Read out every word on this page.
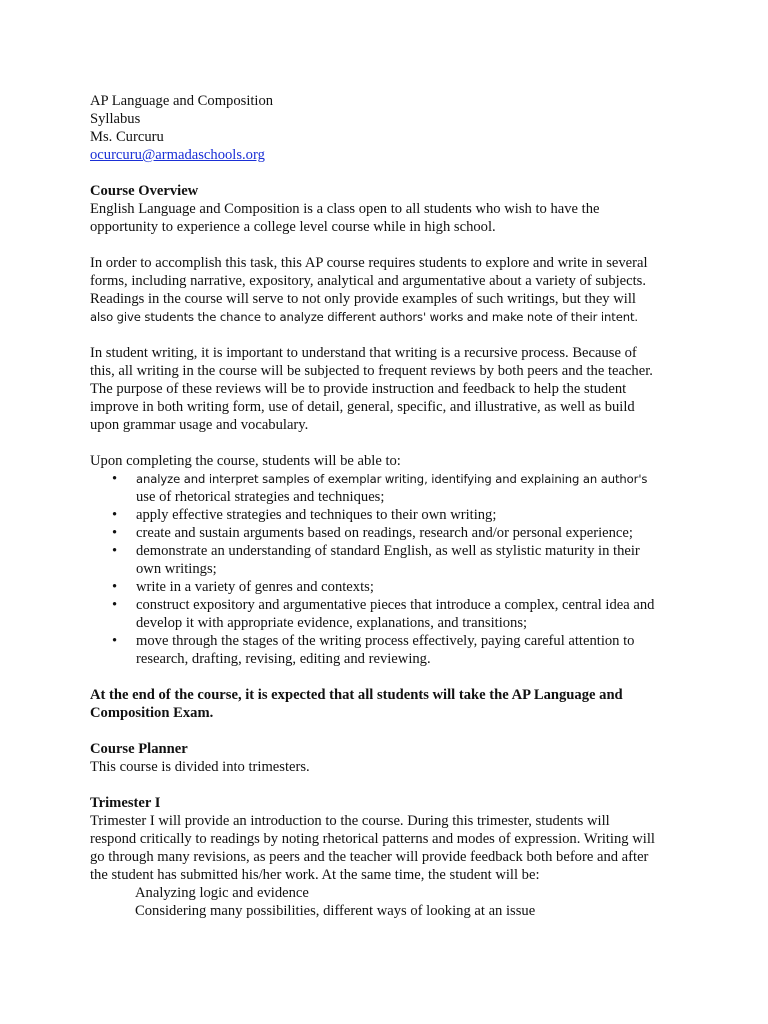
AP Language and Composition
Syllabus
Ms. Curcuru
ocurcuru@armadaschools.org
Course Overview
English Language and Composition is a class open to all students who wish to have the
opportunity to experience a college level course while in high school.
In order to accomplish this task, this AP course requires students to explore and write in several
forms, including narrative, expository, analytical and argumentative about a variety of subjects.
Readings in the course will serve to not only provide examples of such writings, but they will
also give students the chance to analyze different authors' works and make note of their intent.
In student writing, it is important to understand that writing is a recursive process. Because of
this, all writing in the course will be subjected to frequent reviews by both peers and the teacher.
The purpose of these reviews will be to provide instruction and feedback to help the student
improve in both writing form, use of detail, general, specific, and illustrative, as well as build
upon grammar usage and vocabulary.
Upon completing the course, students will be able to:
• analyze and interpret samples of exemplar writing, identifying and explaining an author's
use of rhetorical strategies and techniques;
• apply effective strategies and techniques to their own writing;
• create and sustain arguments based on readings, research and/or personal experience;
• demonstrate an understanding of standard English, as well as stylistic maturity in their
own writings;
• write in a variety of genres and contexts;
• construct expository and argumentative pieces that introduce a complex, central idea and
develop it with appropriate evidence, explanations, and transitions;
• move through the stages of the writing process effectively, paying careful attention to
research, drafting, revising, editing and reviewing.
At the end of the course, it is expected that all students will take the AP Language and
Composition Exam.
Course Planner
This course is divided into trimesters.
Trimester I
Trimester I will provide an introduction to the course. During this trimester, students will
respond critically to readings by noting rhetorical patterns and modes of expression. Writing will
go through many revisions, as peers and the teacher will provide feedback both before and after
the student has submitted his/her work. At the same time, the student will be:
Analyzing logic and evidence
Considering many possibilities, different ways of looking at an issue
